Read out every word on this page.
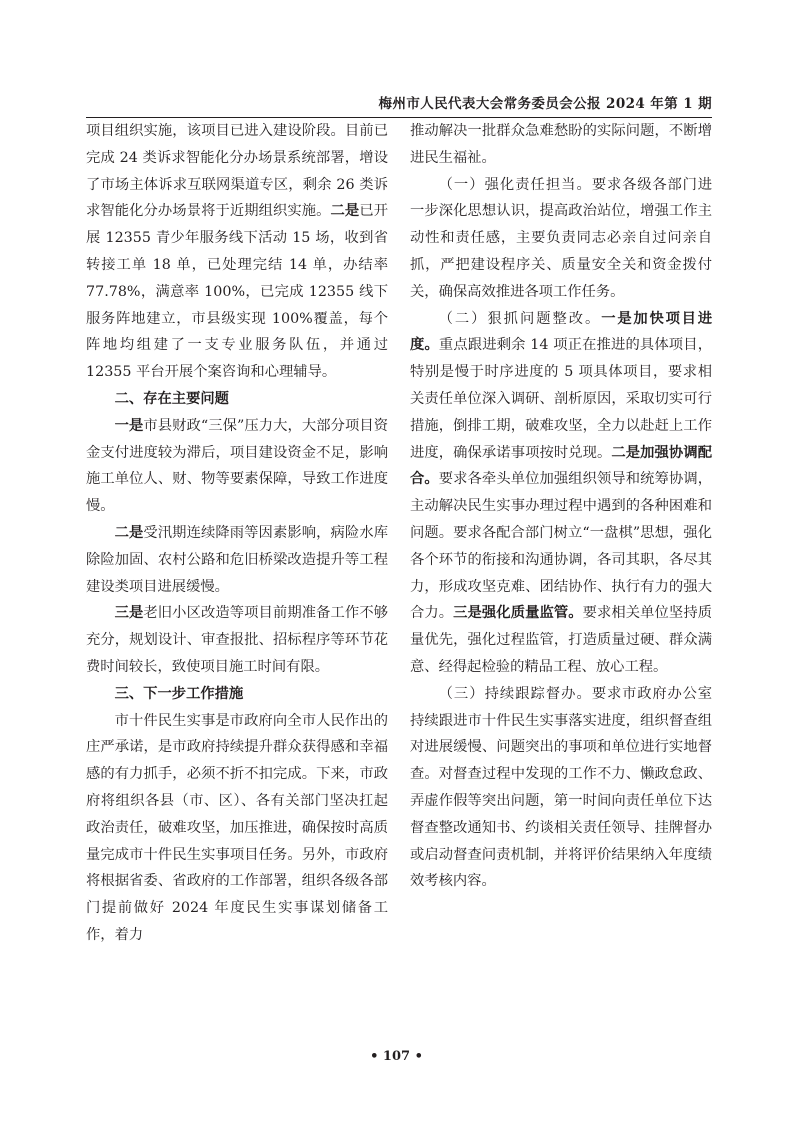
梅州市人民代表大会常务委员会公报 2024 年第 1 期

项目组织实施，该项目已进入建设阶段。目前已完成 24 类诉求智能化分办场景系统部署，增设了市场主体诉求互联网渠道专区，剩余 26 类诉求智能化分办场景将于近期组织实施。二是已开展 12355 青少年服务线下活动 15 场，收到省转接工单 18 单，已处理完结 14 单，办结率 77.78%，满意率 100%，已完成 12355 线下服务阵地建立，市县级实现 100%覆盖，每个阵地均组建了一支专业服务队伍，并通过 12355 平台开展个案咨询和心理辅导。

二、存在主要问题

一是市县财政“三保”压力大，大部分项目资金支付进度较为滞后，项目建设资金不足，影响施工单位人、财、物等要素保障，导致工作进度慢。

二是受汛期连续降雨等因素影响，病险水库除险加固、农村公路和危旧桥梁改造提升等工程建设类项目进展缓慢。

三是老旧小区改造等项目前期准备工作不够充分，规划设计、审查报批、招标程序等环节花费时间较长，致使项目施工时间有限。

三、下一步工作措施

市十件民生实事是市政府向全市人民作出的庄严承诺，是市政府持续提升群众获得感和幸福感的有力抓手，必须不折不扣完成。下来，市政府将组织各县（市、区）、各有关部门坚决扛起政治责任，破难攻坚，加压推进，确保按时高质量完成市十件民生实事项目任务。另外，市政府将根据省委、省政府的工作部署，组织各级各部门提前做好 2024 年度民生实事谋划储备工作，着力

推动解决一批群众急难愁盼的实际问题，不断增进民生福祉。

（一）强化责任担当。要求各级各部门进一步深化思想认识，提高政治站位，增强工作主动性和责任感，主要负责同志必亲自过问亲自抓，严把建设程序关、质量安全关和资金拨付关，确保高效推进各项工作任务。

（二）狠抓问题整改。一是加快项目进度。重点跟进剩余 14 项正在推进的具体项目，特别是慢于时序进度的 5 项具体项目，要求相关责任单位深入调研、剖析原因，采取切实可行措施，倒排工期，破难攻坚，全力以赴赶上工作进度，确保承诺事项按时兑现。二是加强协调配合。要求各牵头单位加强组织领导和统筹协调，主动解决民生实事办理过程中遇到的各种困难和问题。要求各配合部门树立“一盘棋”思想，强化各个环节的衔接和沟通协调，各司其职，各尽其力，形成攻坚克难、团结协作、执行有力的强大合力。三是强化质量监管。要求相关单位坚持质量优先，强化过程监管，打造质量过硬、群众满意、经得起检验的精品工程、放心工程。

（三）持续跟踪督办。要求市政府办公室持续跟进市十件民生实事落实进度，组织督查组对进展缓慢、问题突出的事项和单位进行实地督查。对督查过程中发现的工作不力、懒政怠政、弄虚作假等突出问题，第一时间向责任单位下达督查整改通知书、约谈相关责任领导、挂牌督办或启动督查问责机制，并将评价结果纳入年度绩效考核内容。

• 107 •
